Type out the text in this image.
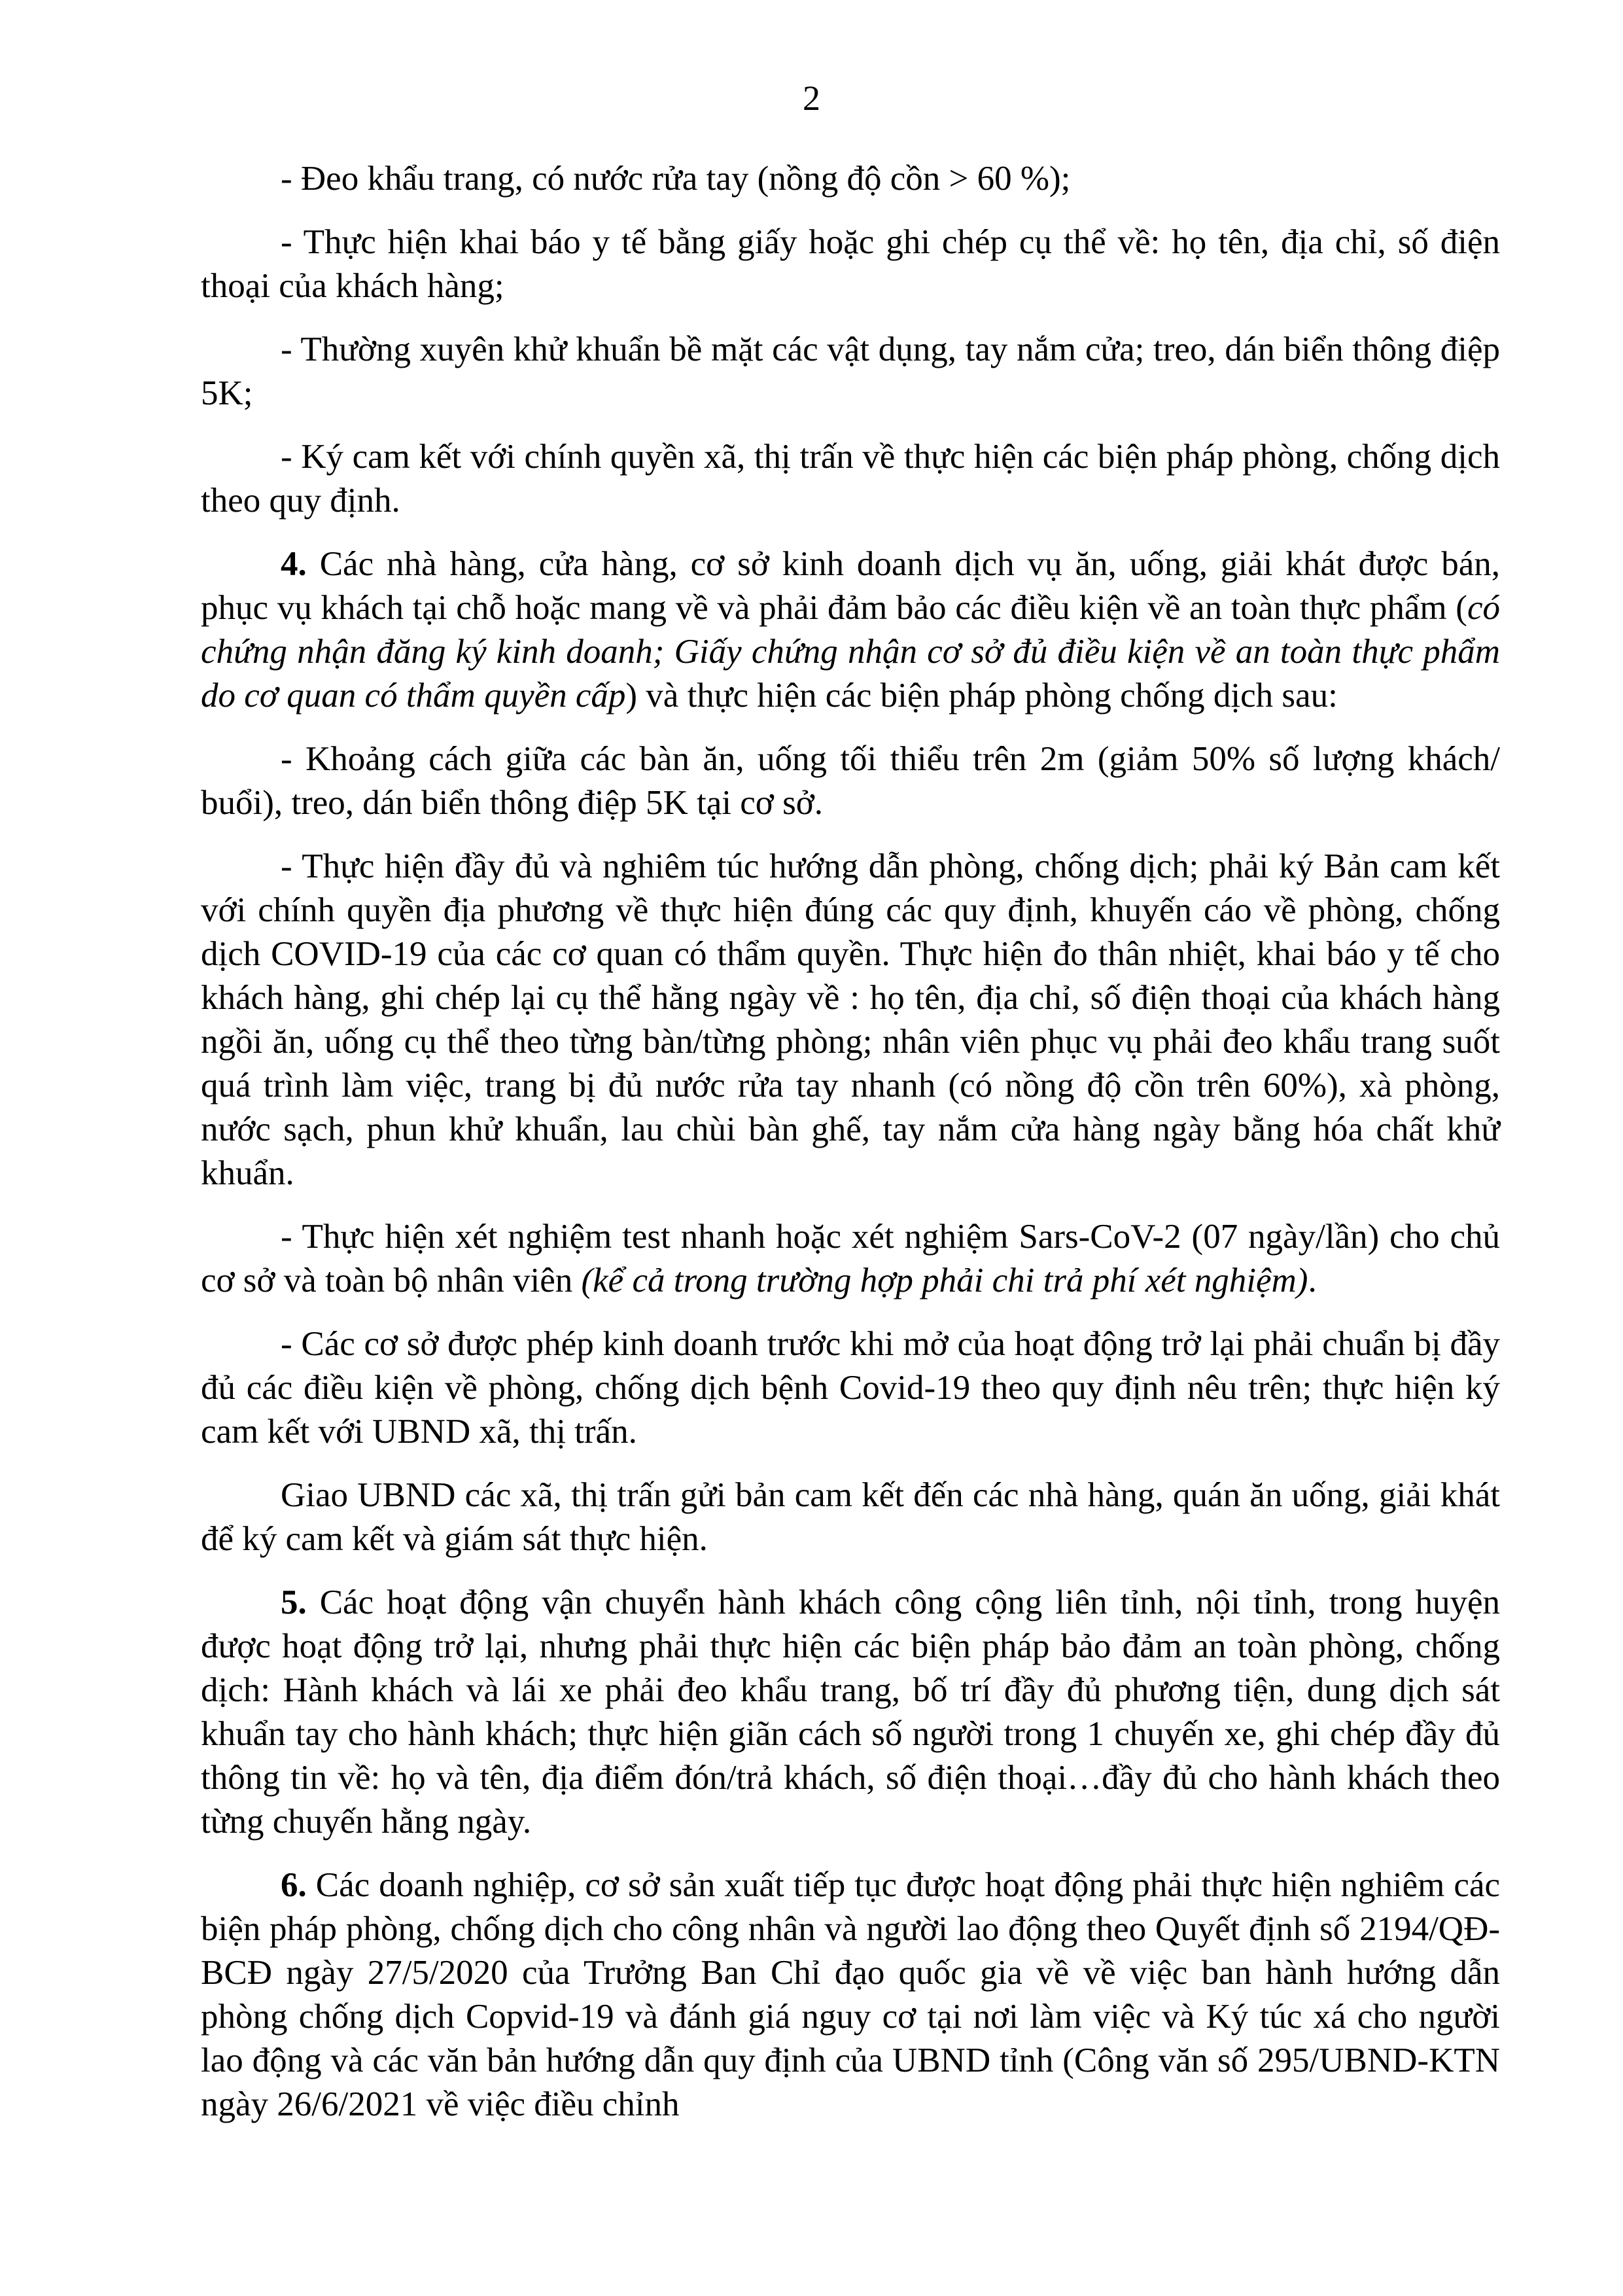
2

- Đeo khẩu trang, có nước rửa tay (nồng độ cồn > 60 %);

- Thực hiện khai báo y tế bằng giấy hoặc ghi chép cụ thể về: họ tên, địa chỉ, số điện thoại của khách hàng;

- Thường xuyên khử khuẩn bề mặt các vật dụng, tay nắm cửa; treo, dán biển thông điệp 5K;

- Ký cam kết với chính quyền xã, thị trấn về thực hiện các biện pháp phòng, chống dịch theo quy định.

4. Các nhà hàng, cửa hàng, cơ sở kinh doanh dịch vụ ăn, uống, giải khát được bán, phục vụ khách tại chỗ hoặc mang về và phải đảm bảo các điều kiện về an toàn thực phẩm (có chứng nhận đăng ký kinh doanh; Giấy chứng nhận cơ sở đủ điều kiện về an toàn thực phẩm do cơ quan có thẩm quyền cấp) và thực hiện các biện pháp phòng chống dịch sau:

- Khoảng cách giữa các bàn ăn, uống tối thiểu trên 2m (giảm 50% số lượng khách/ buổi), treo, dán biển thông điệp 5K tại cơ sở.

- Thực hiện đầy đủ và nghiêm túc hướng dẫn phòng, chống dịch; phải ký Bản cam kết với chính quyền địa phương về thực hiện đúng các quy định, khuyến cáo về phòng, chống dịch COVID-19 của các cơ quan có thẩm quyền. Thực hiện đo thân nhiệt, khai báo y tế cho khách hàng, ghi chép lại cụ thể hằng ngày về : họ tên, địa chỉ, số điện thoại của khách hàng ngồi ăn, uống cụ thể theo từng bàn/từng phòng; nhân viên phục vụ phải đeo khẩu trang suốt quá trình làm việc, trang bị đủ nước rửa tay nhanh (có nồng độ cồn trên 60%), xà phòng, nước sạch, phun khử khuẩn, lau chùi bàn ghế, tay nắm cửa hàng ngày bằng hóa chất khử khuẩn.

- Thực hiện xét nghiệm test nhanh hoặc xét nghiệm Sars-CoV-2 (07 ngày/lần) cho chủ cơ sở và toàn bộ nhân viên (kể cả trong trường hợp phải chi trả phí xét nghiệm).

- Các cơ sở được phép kinh doanh trước khi mở của hoạt động trở lại phải chuẩn bị đầy đủ các điều kiện về phòng, chống dịch bệnh Covid-19 theo quy định nêu trên; thực hiện ký cam kết với UBND xã, thị trấn.

Giao UBND các xã, thị trấn gửi bản cam kết đến các nhà hàng, quán ăn uống, giải khát để ký cam kết và giám sát thực hiện.

5. Các hoạt động vận chuyển hành khách công cộng liên tỉnh, nội tỉnh, trong huyện được hoạt động trở lại, nhưng phải thực hiện các biện pháp bảo đảm an toàn phòng, chống dịch: Hành khách và lái xe phải đeo khẩu trang, bố trí đầy đủ phương tiện, dung dịch sát khuẩn tay cho hành khách; thực hiện giãn cách số người trong 1 chuyến xe, ghi chép đầy đủ thông tin về: họ và tên, địa điểm đón/trả khách, số điện thoại…đầy đủ cho hành khách theo từng chuyến hằng ngày.

6. Các doanh nghiệp, cơ sở sản xuất tiếp tục được hoạt động phải thực hiện nghiêm các biện pháp phòng, chống dịch cho công nhân và người lao động theo Quyết định số 2194/QĐ-BCĐ ngày 27/5/2020 của Trưởng Ban Chỉ đạo quốc gia về về việc ban hành hướng dẫn phòng chống dịch Copvid-19 và đánh giá nguy cơ tại nơi làm việc và Ký túc xá cho người lao động và các văn bản hướng dẫn quy định của UBND tỉnh (Công văn số 295/UBND-KTN ngày 26/6/2021 về việc điều chỉnh
